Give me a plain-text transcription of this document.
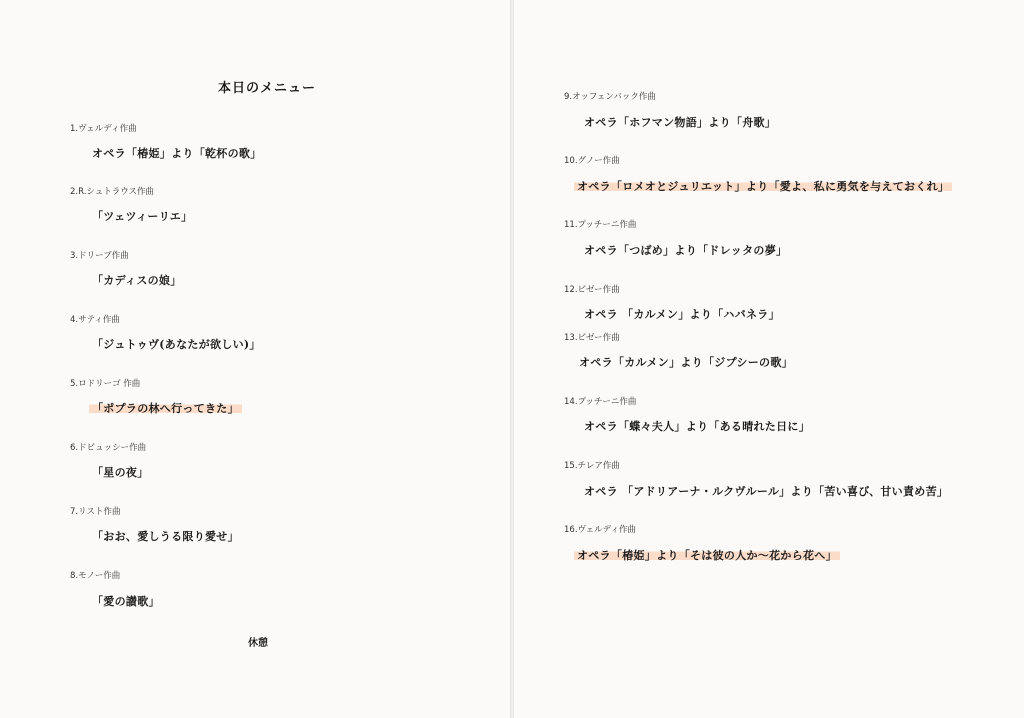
本日のメニュー
1.ヴェルディ作曲
オペラ「椿姫」より「乾杯の歌」
2.R.シュトラウス作曲
「ツェツィーリエ」
3.ドリーブ作曲
「カディスの娘」
4.サティ作曲
「ジュトゥヴ(あなたが欲しい)」
5.ロドリーゴ 作曲
「ポプラの林へ行ってきた」
6.ドビュッシー作曲
「星の夜」
7.リスト作曲
「おお、愛しうる限り愛せ」
8.モノー作曲
「愛の讃歌」
休憩
9.オッフェンバック作曲
オペラ「ホフマン物語」より「舟歌」
10.グノー作曲
オペラ「ロメオとジュリエット」より「愛よ、私に勇気を与えておくれ」
11.プッチーニ作曲
オペラ「つばめ」より「ドレッタの夢」
12.ビゼー作曲
オペラ 「カルメン」より「ハバネラ」
13.ビゼー作曲
オペラ「カルメン」より「ジプシーの歌」
14.プッチーニ作曲
オペラ「蝶々夫人」より「ある晴れた日に」
15.チレア作曲
オペラ 「アドリアーナ・ルクヴルール」より「苦い喜び、甘い責め苦」
16.ヴェルディ作曲
オペラ「椿姫」より「そは彼の人か〜花から花へ」
